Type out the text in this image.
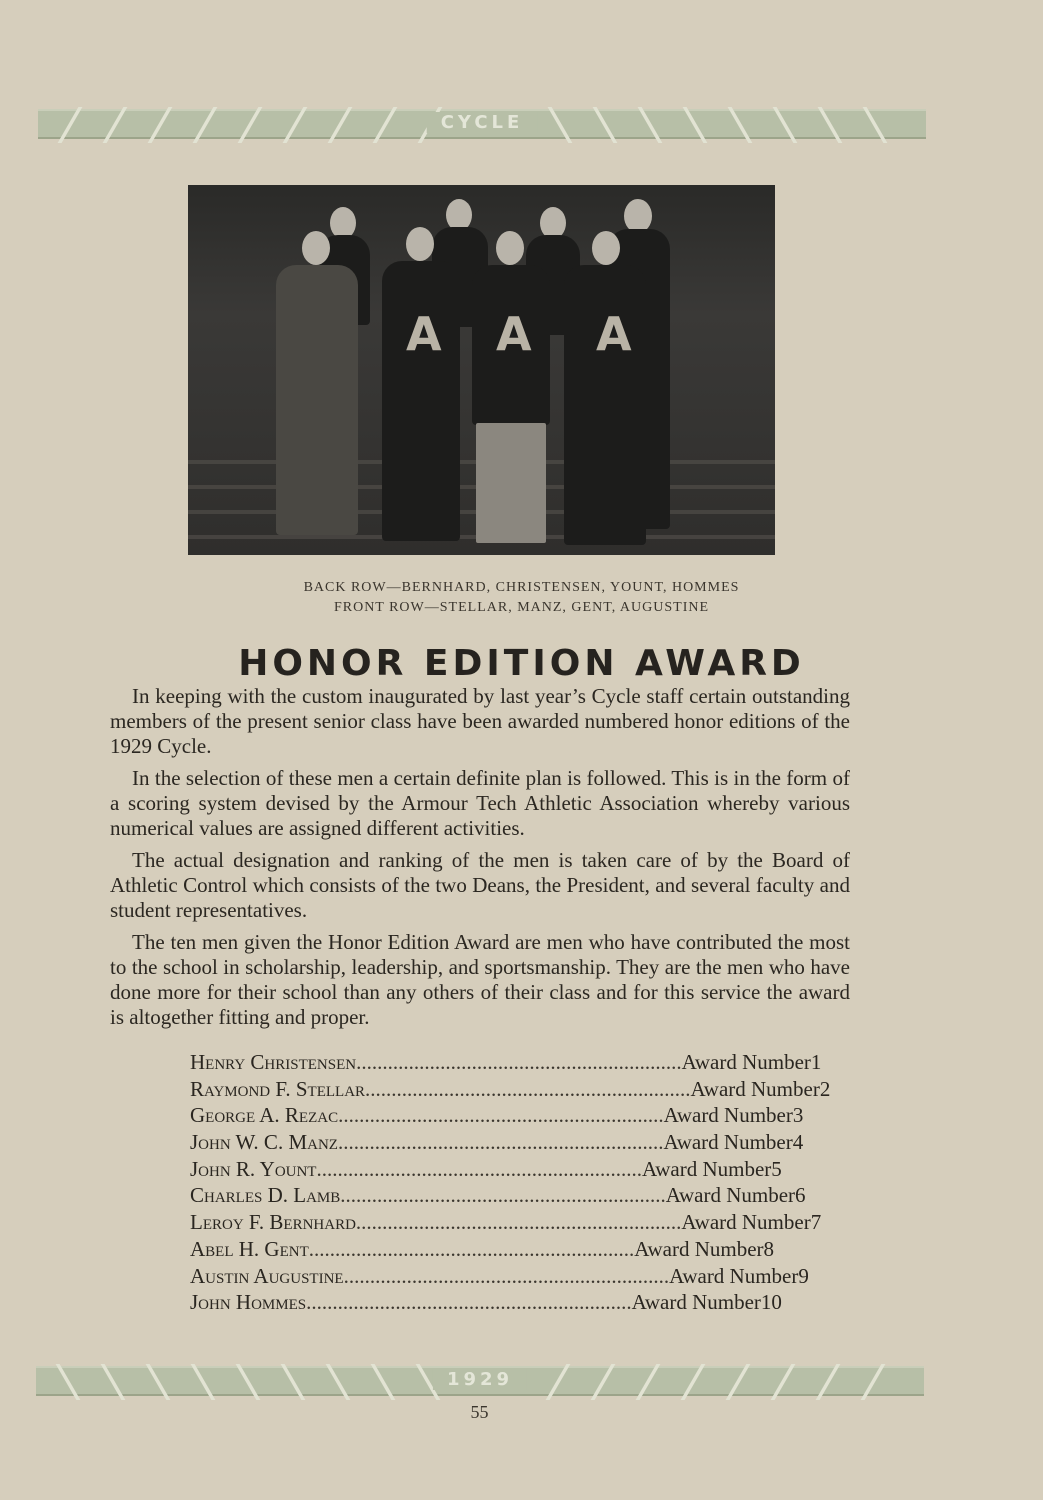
CYCLE
A A A
BACK ROW—BERNHARD, CHRISTENSEN, YOUNT, HOMMES
FRONT ROW—STELLAR, MANZ, GENT, AUGUSTINE
HONOR EDITION AWARD

In keeping with the custom inaugurated by last year’s Cycle staff certain outstanding members of the present senior class have been awarded numbered honor editions of the 1929 Cycle.

In the selection of these men a certain definite plan is followed. This is in the form of a scoring system devised by the Armour Tech Athletic Association whereby various numerical values are assigned different activities.

The actual designation and ranking of the men is taken care of by the Board of Athletic Control which consists of the two Deans, the President, and several faculty and student representatives.

The ten men given the Honor Edition Award are men who have contributed the most to the school in scholarship, leadership, and sportsmanship. They are the men who have done more for their school than any others of their class and for this service the award is altogether fitting and proper.

Henry Christensen .............................................................. Award Number 1
Raymond F. Stellar .............................................................. Award Number 2
George A. Rezac .............................................................. Award Number 3
John W. C. Manz .............................................................. Award Number 4
John R. Yount .............................................................. Award Number 5
Charles D. Lamb .............................................................. Award Number 6
Leroy F. Bernhard .............................................................. Award Number 7
Abel H. Gent .............................................................. Award Number 8
Austin Augustine .............................................................. Award Number 9
John Hommes .............................................................. Award Number 10
1929
55
